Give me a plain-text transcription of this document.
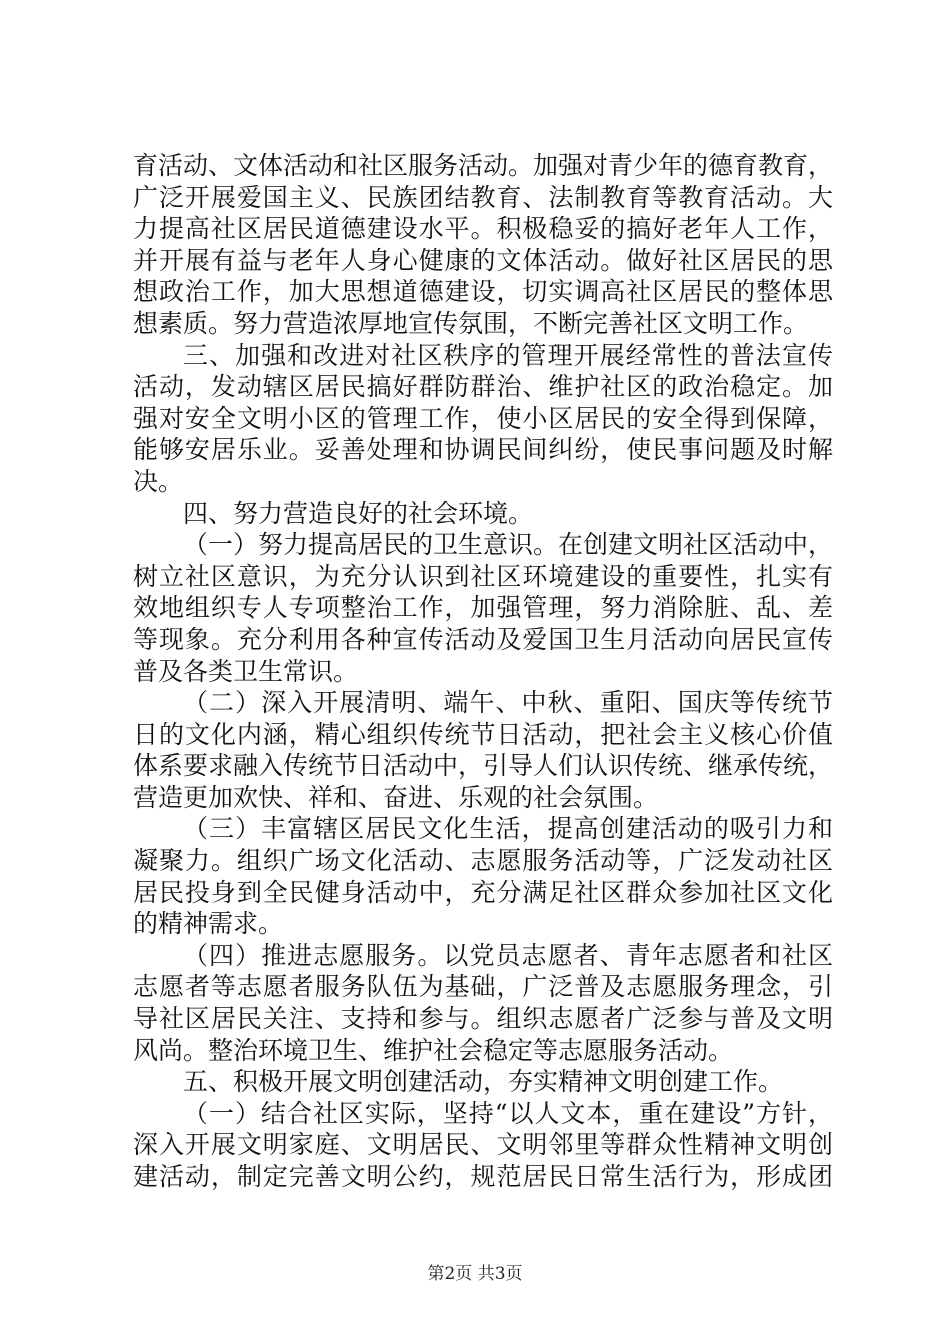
育活动、文体活动和社区服务活动。加强对青少年的德育教育，
广泛开展爱国主义、民族团结教育、法制教育等教育活动。大
力提高社区居民道德建设水平。积极稳妥的搞好老年人工作，
并开展有益与老年人身心健康的文体活动。做好社区居民的思
想政治工作，加大思想道德建设，切实调高社区居民的整体思
想素质。努力营造浓厚地宣传氛围，不断完善社区文明工作。
三、加强和改进对社区秩序的管理开展经常性的普法宣传
活动，发动辖区居民搞好群防群治、维护社区的政治稳定。加
强对安全文明小区的管理工作，使小区居民的安全得到保障，
能够安居乐业。妥善处理和协调民间纠纷，使民事问题及时解
决。
四、努力营造良好的社会环境。
（一）努力提高居民的卫生意识。在创建文明社区活动中，
树立社区意识，为充分认识到社区环境建设的重要性，扎实有
效地组织专人专项整治工作，加强管理，努力消除脏、乱、差
等现象。充分利用各种宣传活动及爱国卫生月活动向居民宣传
普及各类卫生常识。
（二）深入开展清明、端午、中秋、重阳、国庆等传统节
日的文化内涵，精心组织传统节日活动，把社会主义核心价值
体系要求融入传统节日活动中，引导人们认识传统、继承传统，
营造更加欢快、祥和、奋进、乐观的社会氛围。
（三）丰富辖区居民文化生活，提高创建活动的吸引力和
凝聚力。组织广场文化活动、志愿服务活动等，广泛发动社区
居民投身到全民健身活动中，充分满足社区群众参加社区文化
的精神需求。
（四）推进志愿服务。以党员志愿者、青年志愿者和社区
志愿者等志愿者服务队伍为基础，广泛普及志愿服务理念，引
导社区居民关注、支持和参与。组织志愿者广泛参与普及文明
风尚。整治环境卫生、维护社会稳定等志愿服务活动。
五、积极开展文明创建活动，夯实精神文明创建工作。
（一）结合社区实际，坚持“以人文本，重在建设”方针，
深入开展文明家庭、文明居民、文明邻里等群众性精神文明创
建活动，制定完善文明公约，规范居民日常生活行为，形成团
第2页 共3页
